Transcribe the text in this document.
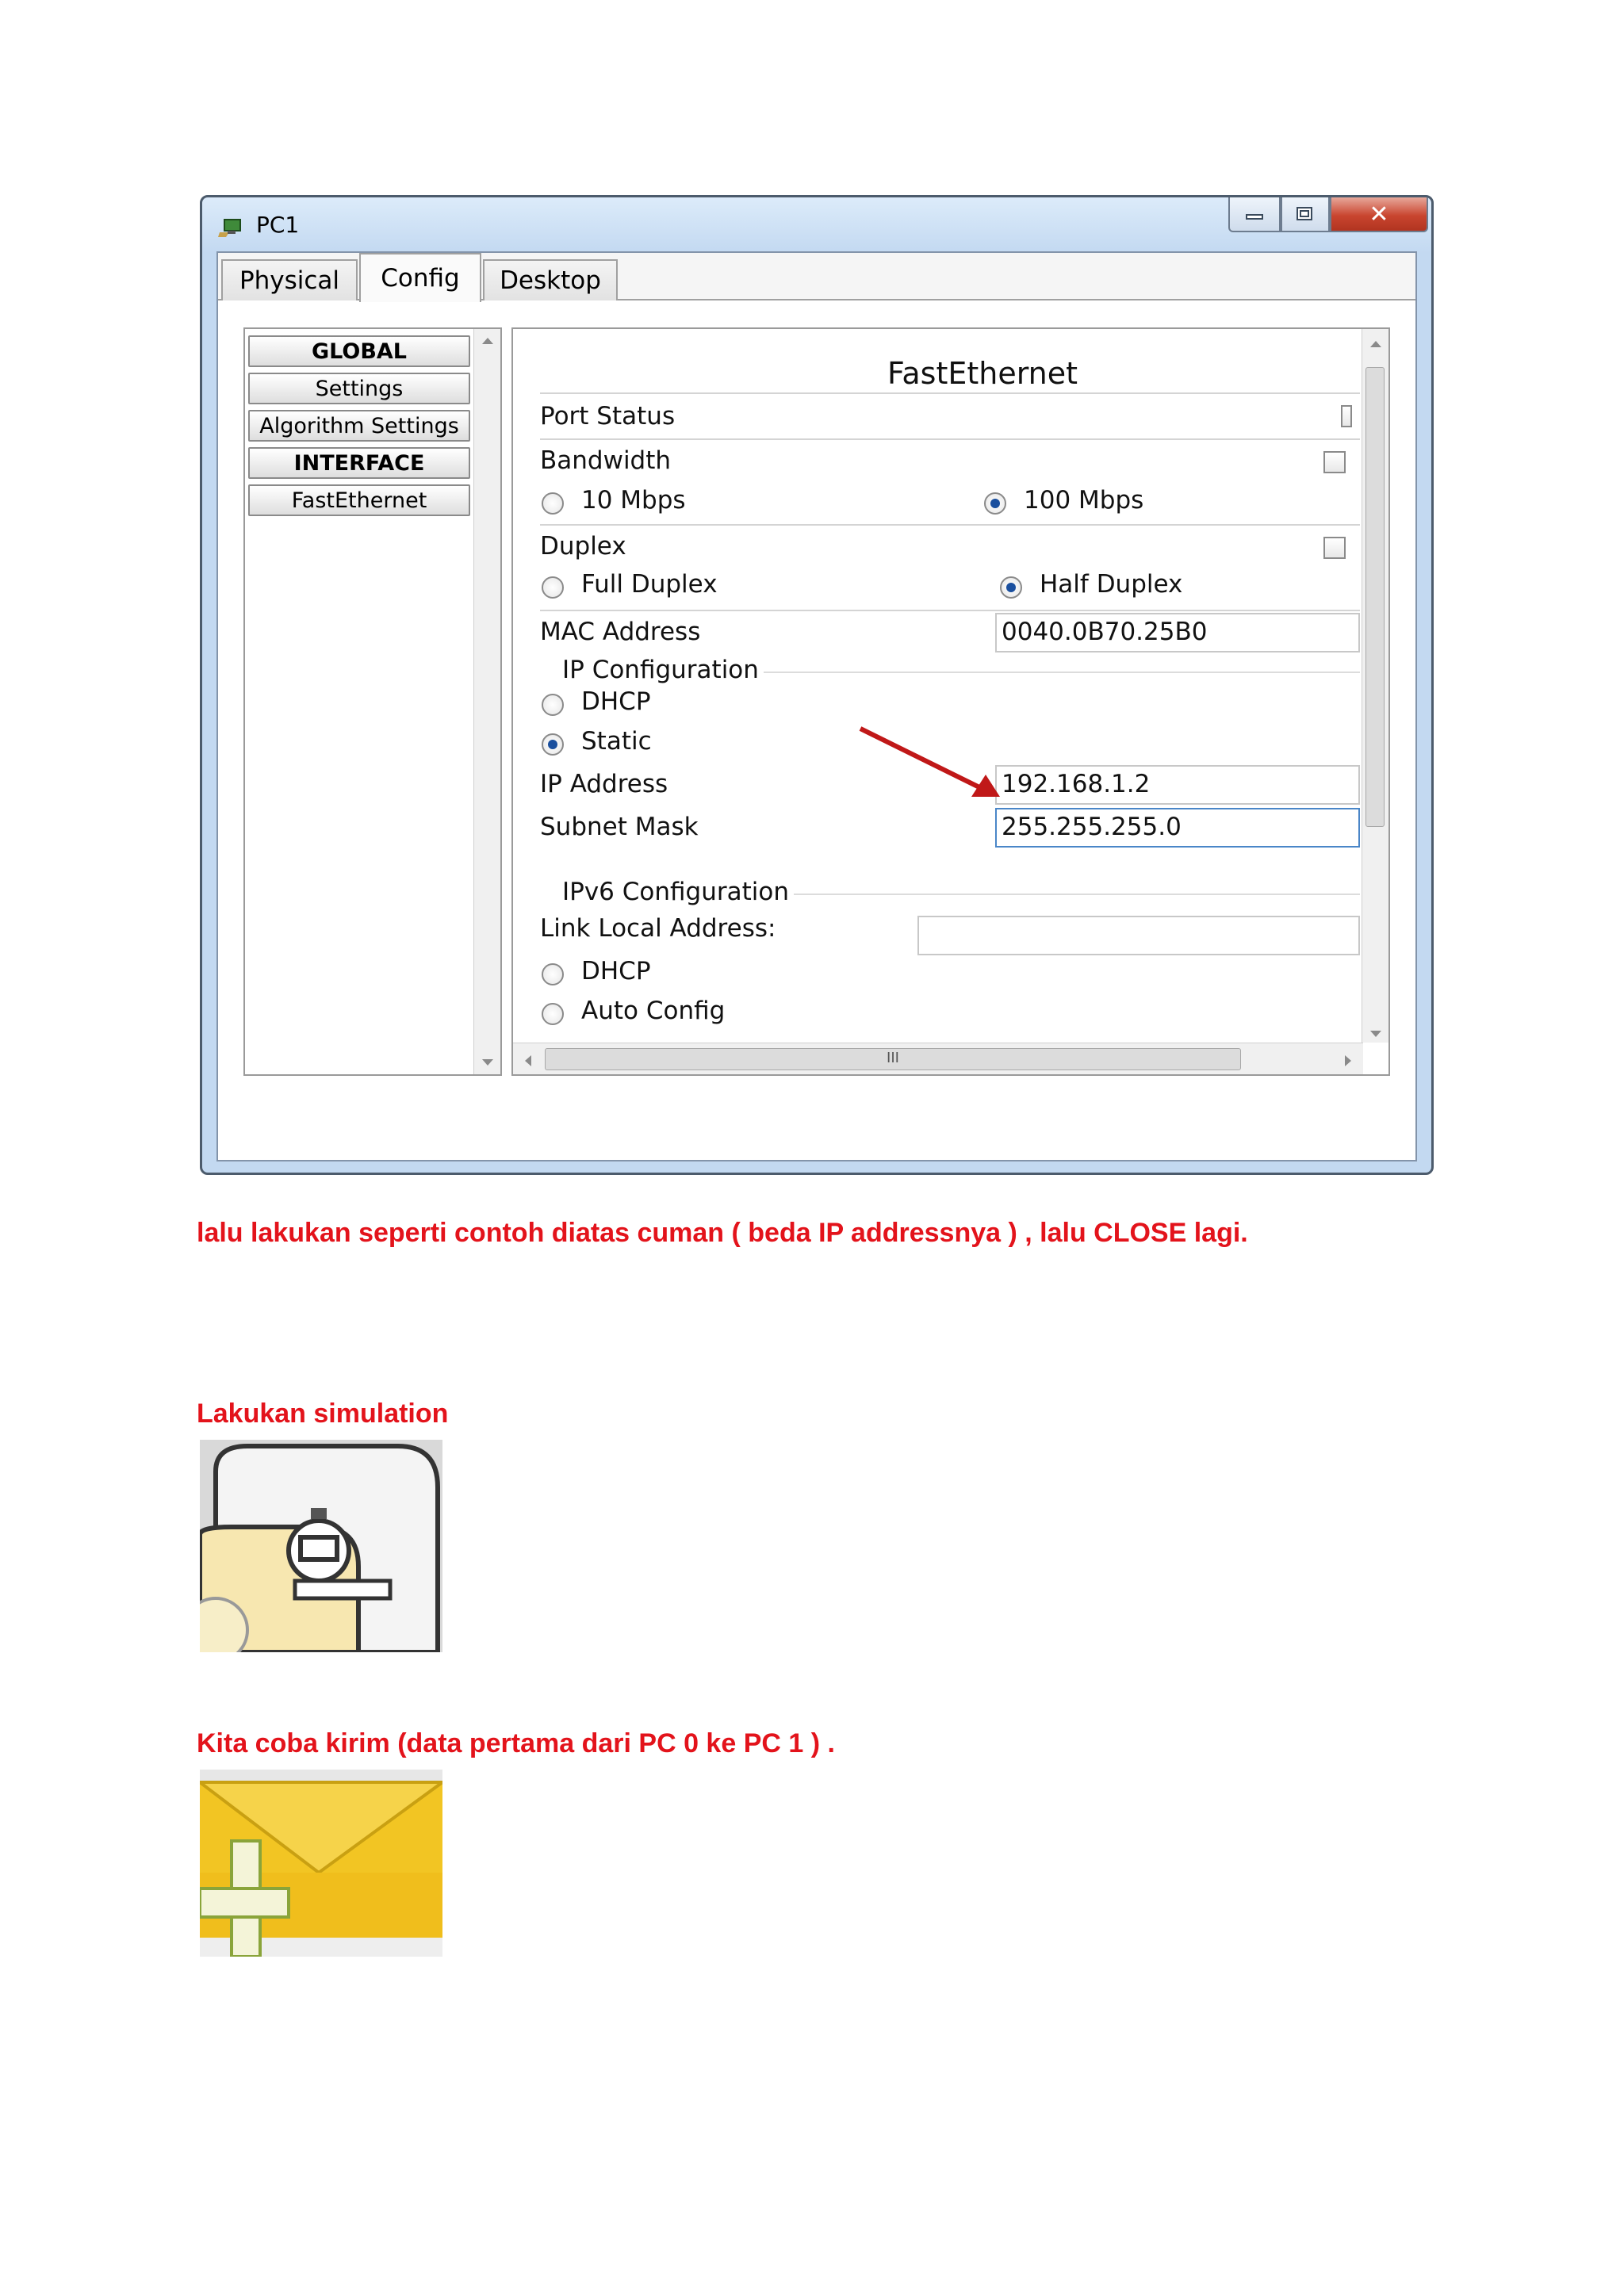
PC1	✕
Physical	Config	Desktop
GLOBAL
Settings
Algorithm Settings
INTERFACE
FastEthernet
FastEthernet
Port Status
Bandwidth
10 Mbps	100 Mbps
Duplex
Full Duplex	Half Duplex
MAC Address	0040.0B70.25B0
IP Configuration
DHCP
Static
IP Address	192.168.1.2
Subnet Mask	255.255.255.0
IPv6 Configuration
Link Local Address:
DHCP
Auto Config
III
lalu lakukan seperti contoh diatas cuman ( beda IP addressnya ) , lalu CLOSE lagi.
Lakukan simulation
Kita coba kirim (data pertama dari PC 0 ke PC 1 ) .
